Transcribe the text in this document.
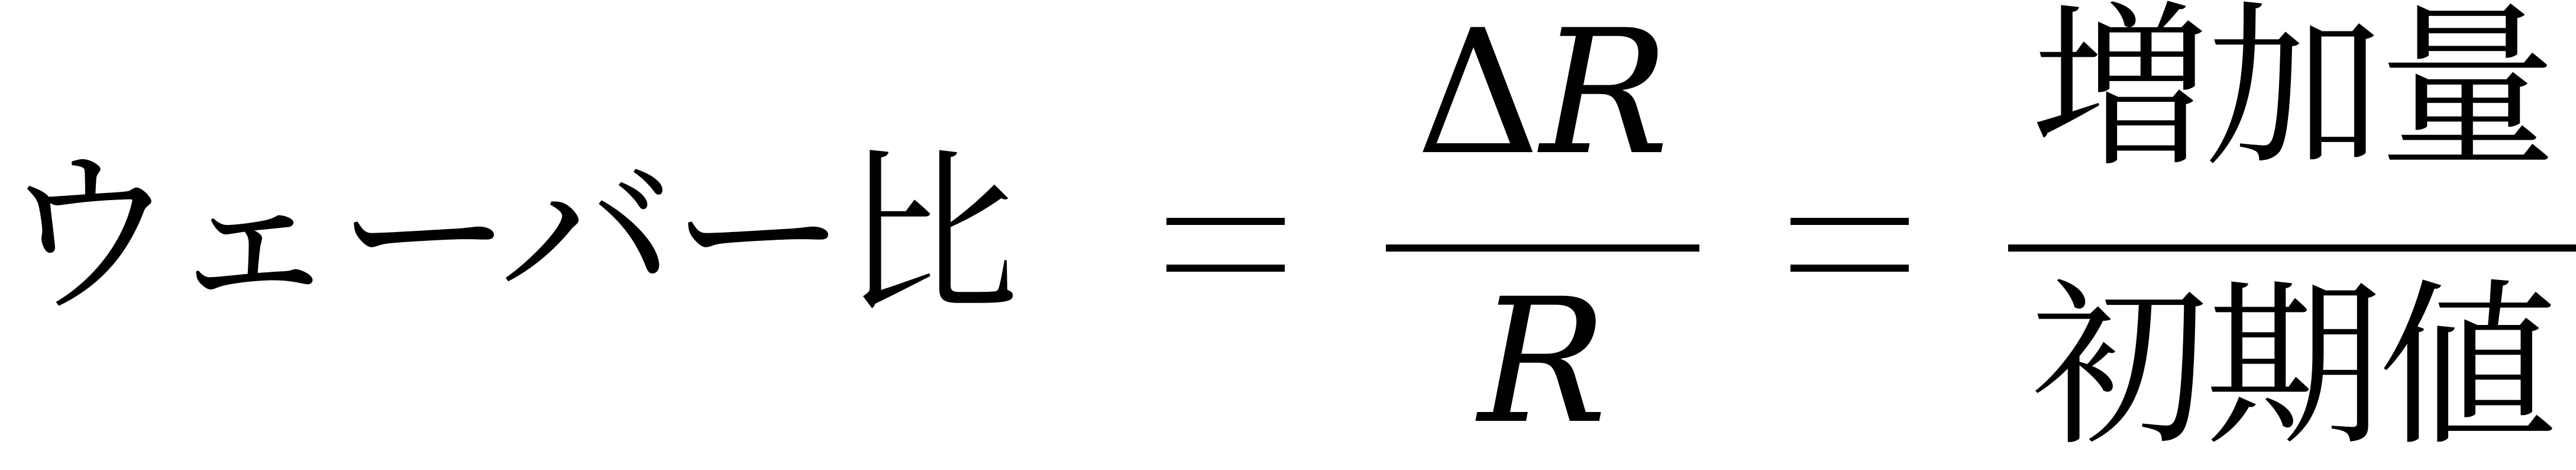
ウェーバー比
ΔR
R
増加量
初期値
